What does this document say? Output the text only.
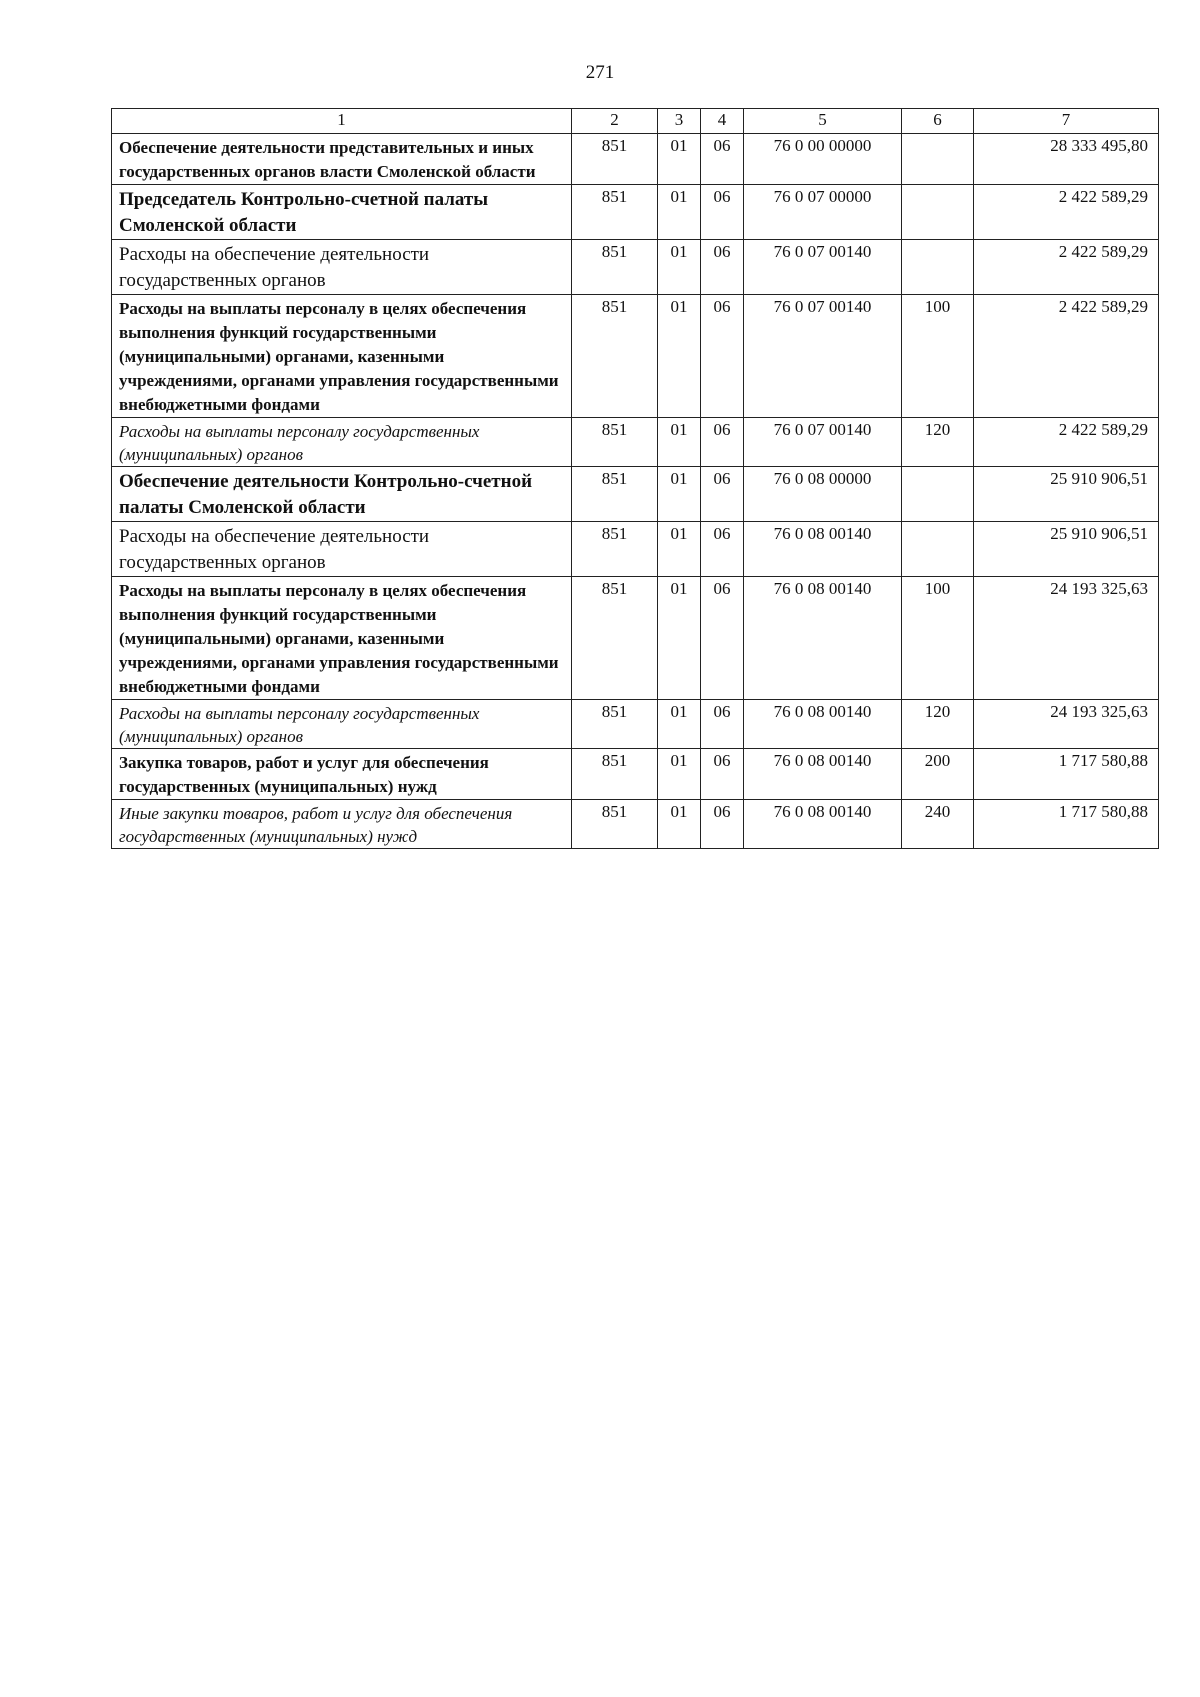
271
1	2	3	4	5	6	7
Обеспечение деятельности представительных и иных государственных органов власти Смоленской области	851	01	06	76 0 00 00000		28 333 495,80
Председатель Контрольно-счетной палаты Смоленской области	851	01	06	76 0 07 00000		2 422 589,29
Расходы на обеспечение деятельности государственных органов	851	01	06	76 0 07 00140		2 422 589,29
Расходы на выплаты персоналу в целях обеспечения выполнения функций государственными (муниципальными) органами, казенными учреждениями, органами управления государственными внебюджетными фондами	851	01	06	76 0 07 00140	100	2 422 589,29
Расходы на выплаты персоналу государственных (муниципальных) органов	851	01	06	76 0 07 00140	120	2 422 589,29
Обеспечение деятельности Контрольно-счетной палаты Смоленской области	851	01	06	76 0 08 00000		25 910 906,51
Расходы на обеспечение деятельности государственных органов	851	01	06	76 0 08 00140		25 910 906,51
Расходы на выплаты персоналу в целях обеспечения выполнения функций государственными (муниципальными) органами, казенными учреждениями, органами управления государственными внебюджетными фондами	851	01	06	76 0 08 00140	100	24 193 325,63
Расходы на выплаты персоналу государственных (муниципальных) органов	851	01	06	76 0 08 00140	120	24 193 325,63
Закупка товаров, работ и услуг для обеспечения государственных (муниципальных) нужд	851	01	06	76 0 08 00140	200	1 717 580,88
Иные закупки товаров, работ и услуг для обеспечения государственных (муниципальных) нужд	851	01	06	76 0 08 00140	240	1 717 580,88
